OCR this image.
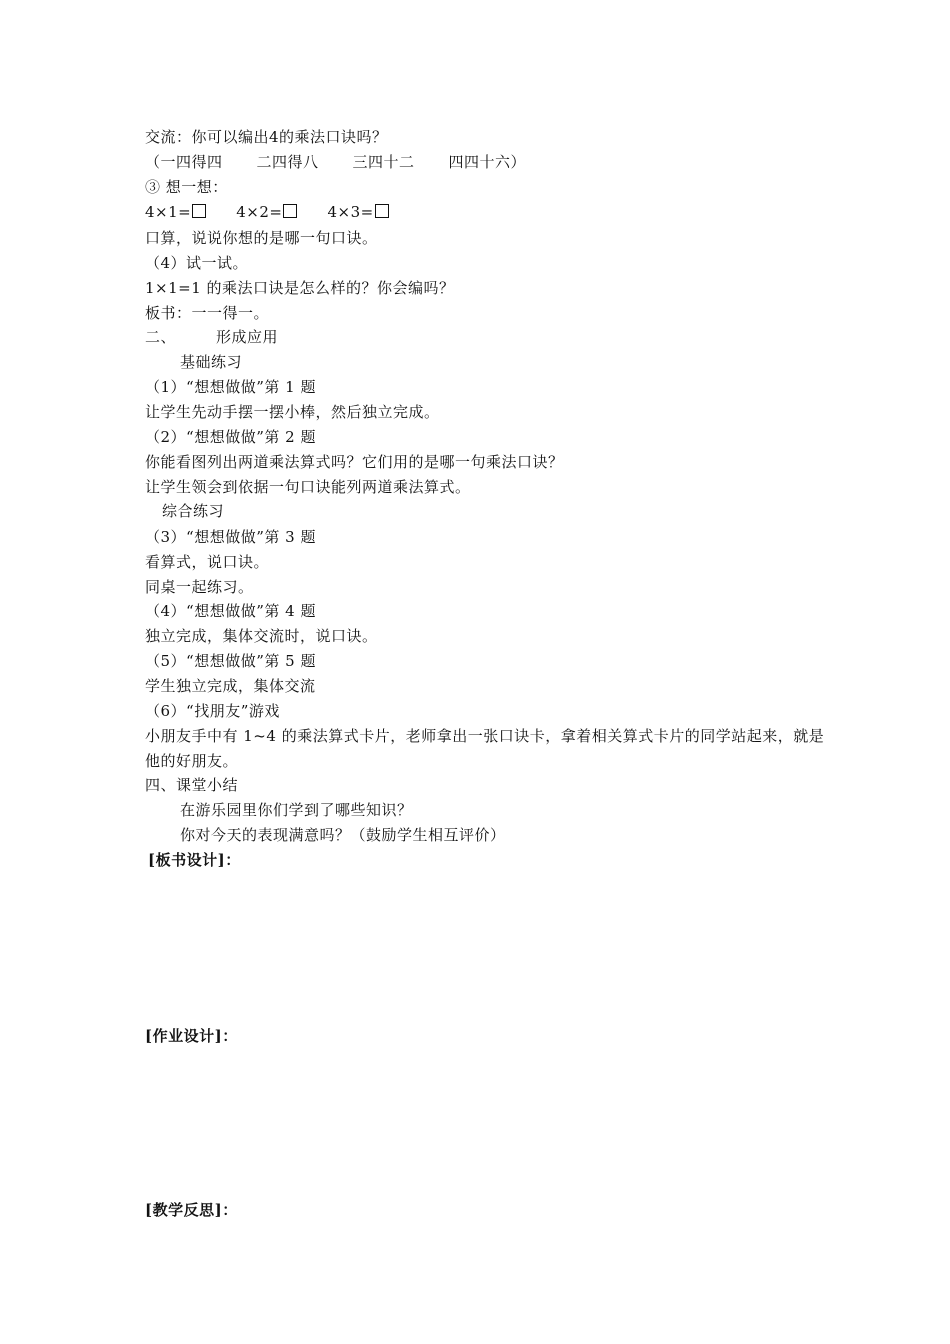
交流：你可以编出4的乘法口诀吗？
（一四得四 二四得八 三四十二 四四十六）
③ 想一想：
4×1=	4×2=	4×3=
口算，说说你想的是哪一句口诀。
（4）试一试。
1×1=1 的乘法口诀是怎么样的？你会编吗？
板书：一一得一。
二、	形成应用
基础练习
（1）“想想做做”第 1 题
让学生先动手摆一摆小棒，然后独立完成。
（2）“想想做做”第 2 题
你能看图列出两道乘法算式吗？它们用的是哪一句乘法口诀？
让学生领会到依据一句口诀能列两道乘法算式。
综合练习
（3）“想想做做”第 3 题
看算式，说口诀。
同桌一起练习。
（4）“想想做做”第 4 题
独立完成，集体交流时，说口诀。
（5）“想想做做”第 5 题
学生独立完成，集体交流
（6）“找朋友”游戏
小朋友手中有 1~4 的乘法算式卡片，老师拿出一张口诀卡，拿着相关算式卡片的同学站起来，就是他的好朋友。
四、课堂小结
在游乐园里你们学到了哪些知识？
你对今天的表现满意吗？（鼓励学生相互评价）
[板书设计]：
[作业设计]：
[教学反思]：
